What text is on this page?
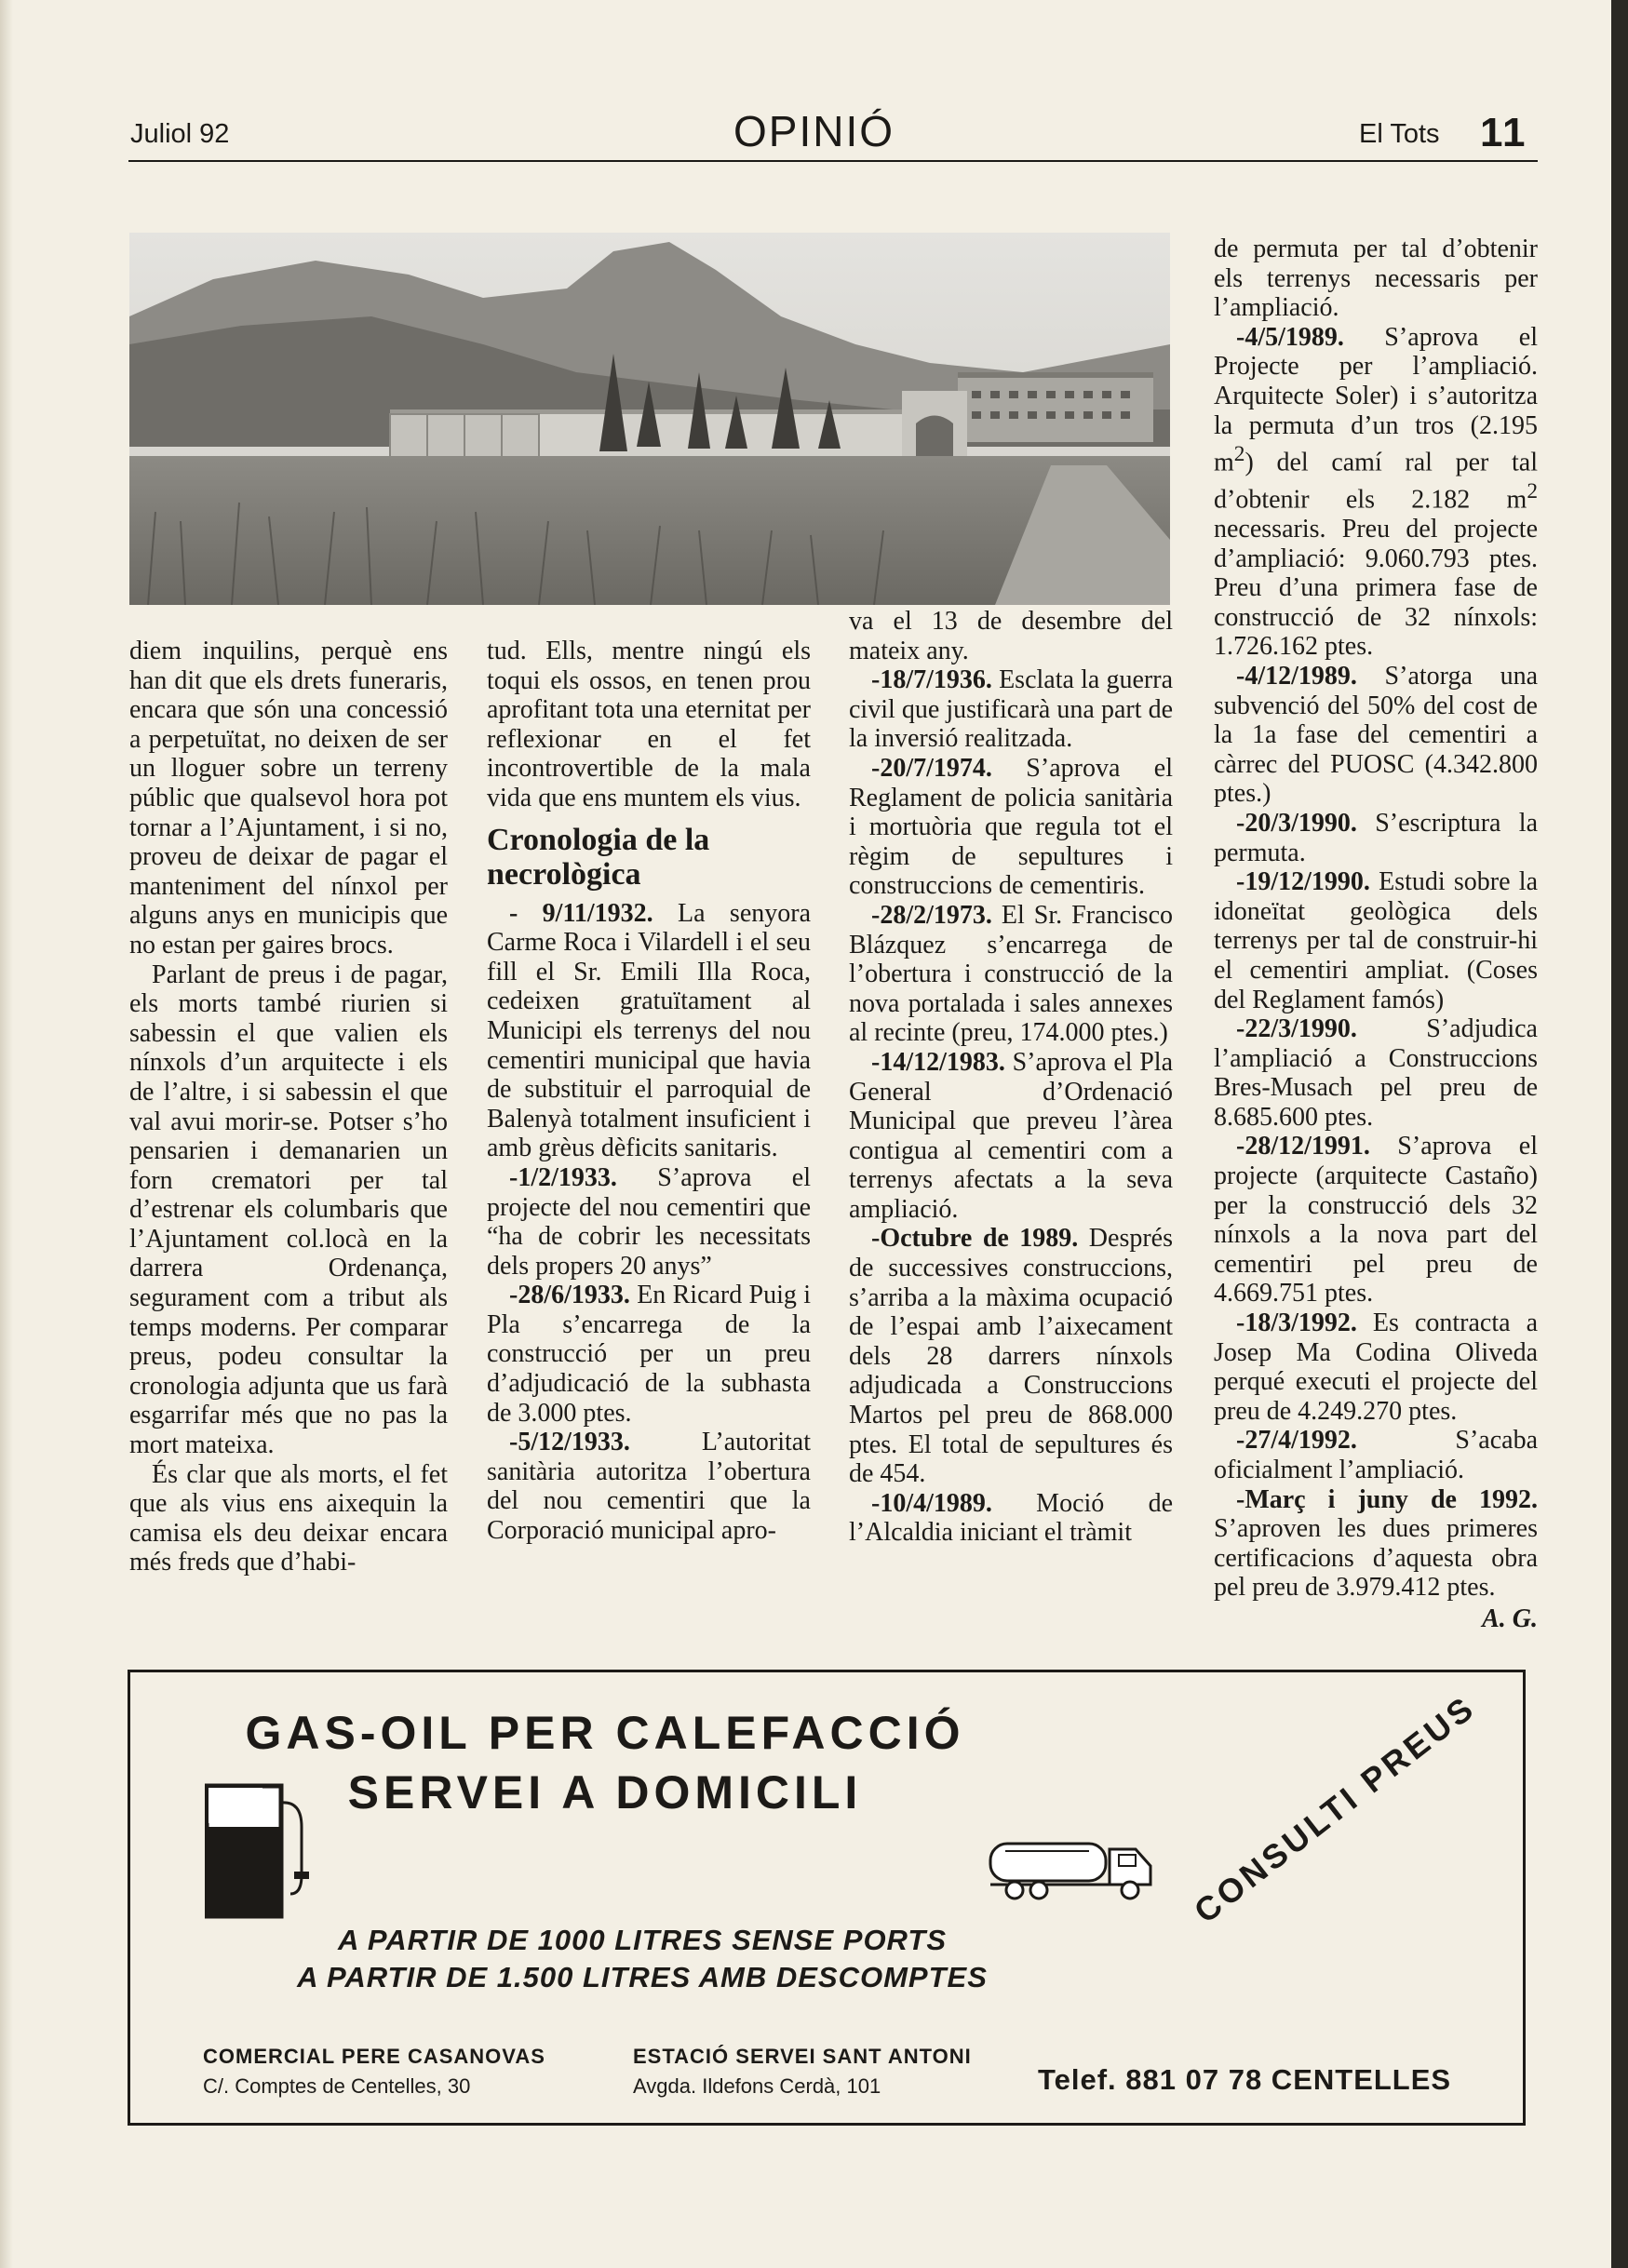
Juliol 92	OPINIÓ	El Tots 11

diem inquilins, perquè ens han dit que els drets funeraris, encara que són una concessió a perpetuïtat, no deixen de ser un lloguer sobre un terreny públic que qualsevol hora pot tornar a l’Ajuntament, i si no, proveu de deixar de pagar el manteniment del nínxol per alguns anys en municipis que no estan per gaires brocs.

Parlant de preus i de pagar, els morts també riurien si sabessin el que valien els nínxols d’un arquitecte i els de l’altre, i si sabessin el que val avui morir-se. Potser s’ho pensarien i demanarien un forn crematori per tal d’estrenar els columbaris que l’Ajuntament col.locà en la darrera Ordenança, segurament com a tribut als temps moderns. Per comparar preus, podeu consultar la cronologia adjunta que us farà esgarrifar més que no pas la mort mateixa.

És clar que als morts, el fet que als vius ens aixequin la camisa els deu deixar encara més freds que d’habi-

tud. Ells, mentre ningú els toqui els ossos, en tenen prou aprofitant tota una eternitat per reflexionar en el fet incontrovertible de la mala vida que ens muntem els vius.

Cronologia de la necrològica

- 9/11/1932. La senyora Carme Roca i Vilardell i el seu fill el Sr. Emili Illa Roca, cedeixen gratuïtament al Municipi els terrenys del nou cementiri municipal que havia de substituir el parroquial de Balenyà totalment insuficient i amb grèus dèficits sanitaris.

-1/2/1933. S’aprova el projecte del nou cementiri que “ha de cobrir les necessitats dels propers 20 anys”

-28/6/1933. En Ricard Puig i Pla s’encarrega de la construcció per un preu d’adjudicació de la subhasta de 3.000 ptes.

-5/12/1933. L’autoritat sanitària autoritza l’obertura del nou cementiri que la Corporació municipal apro-

va el 13 de desembre del mateix any.

-18/7/1936. Esclata la guerra civil que justificarà una part de la inversió realitzada.

-20/7/1974. S’aprova el Reglament de policia sanitària i mortuòria que regula tot el règim de sepultures i construccions de cementiris.

-28/2/1973. El Sr. Francisco Blázquez s’encarrega de l’obertura i construcció de la nova portalada i sales annexes al recinte (preu, 174.000 ptes.)

-14/12/1983. S’aprova el Pla General d’Ordenació Municipal que preveu l’àrea contigua al cementiri com a terrenys afectats a la seva ampliació.

-Octubre de 1989. Després de successives construccions, s’arriba a la màxima ocupació de l’espai amb l’aixecament dels 28 darrers nínxols adjudicada a Construccions Martos pel preu de 868.000 ptes. El total de sepultures és de 454.

-10/4/1989. Moció de l’Alcaldia iniciant el tràmit

de permuta per tal d’obtenir els terrenys necessaris per l’ampliació.

-4/5/1989. S’aprova el Projecte per l’ampliació. Arquitecte Soler) i s’autoritza la permuta d’un tros (2.195 $m^2$) del camí ral per tal d’obtenir els 2.182 $m^2$ necessaris. Preu del projecte d’ampliació: 9.060.793 ptes. Preu d’una primera fase de construcció de 32 nínxols: 1.726.162 ptes.

-4/12/1989. S’atorga una subvenció del 50% del cost de la 1a fase del cementiri a càrrec del PUOSC (4.342.800 ptes.)

-20/3/1990. S’escriptura la permuta.

-19/12/1990. Estudi sobre la idoneïtat geològica dels terrenys per tal de construir-hi el cementiri ampliat. (Coses del Reglament famós)

-22/3/1990. S’adjudica l’ampliació a Construccions Bres-Musach pel preu de 8.685.600 ptes.

-28/12/1991. S’aprova el projecte (arquitecte Castaño) per la construcció dels 32 nínxols a la nova part del cementiri pel preu de 4.669.751 ptes.

-18/3/1992. Es contracta a Josep Ma Codina Oliveda perqué executi el projecte del preu de 4.249.270 ptes.

-27/4/1992. S’acaba oficialment l’ampliació.

-Març i juny de 1992. S’aproven les dues primeres certificacions d’aquesta obra pel preu de 3.979.412 ptes.

A. G.
GAS-OIL PER CALEFACCIÓ
SERVEI A DOMICILI	CONSULTI PREUS
A PARTIR DE 1000 LITRES SENSE PORTS
A PARTIR DE 1.500 LITRES AMB DESCOMPTES
COMERCIAL PERE CASANOVAS
C/. Comptes de Centelles, 30
ESTACIÓ SERVEI SANT ANTONI
Avgda. Ildefons Cerdà, 101	Telef. 881 07 78 CENTELLES
